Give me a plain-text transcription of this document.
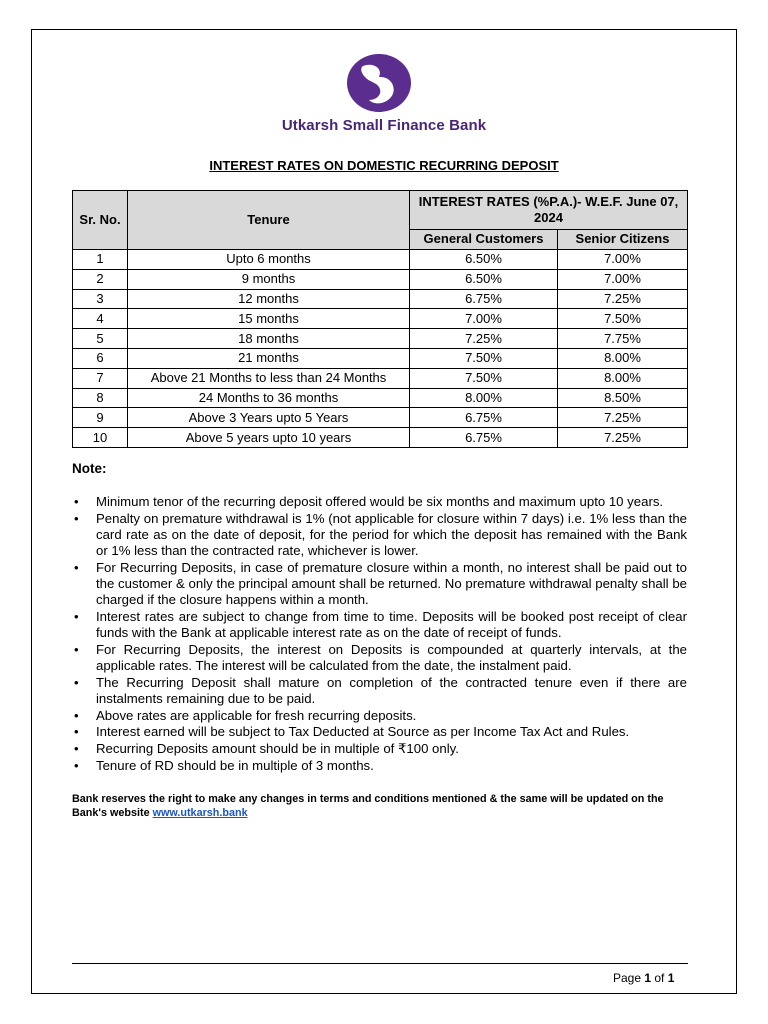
Utkarsh Small Finance Bank
INTEREST RATES ON DOMESTIC RECURRING DEPOSIT
Sr. No.	Tenure	INTEREST RATES (%P.A.)- W.E.F. June 07, 2024	
		General Customers	Senior Citizens
1	Upto 6 months	6.50%	7.00%
2	9 months	6.50%	7.00%
3	12 months	6.75%	7.25%
4	15 months	7.00%	7.50%
5	18 months	7.25%	7.75%
6	21 months	7.50%	8.00%
7	Above 21 Months to less than 24 Months	7.50%	8.00%
8	24 Months to 36 months	8.00%	8.50%
9	Above 3 Years upto 5 Years	6.75%	7.25%
10	Above 5 years upto 10 years	6.75%	7.25%
Note:
• Minimum tenor of the recurring deposit offered would be six months and maximum upto 10 years.
• Penalty on premature withdrawal is 1% (not applicable for closure within 7 days) i.e. 1% less than the card rate as on the date of deposit, for the period for which the deposit has remained with the Bank or 1% less than the contracted rate, whichever is lower.
• For Recurring Deposits, in case of premature closure within a month, no interest shall be paid out to the customer & only the principal amount shall be returned. No premature withdrawal penalty shall be charged if the closure happens within a month.
• Interest rates are subject to change from time to time. Deposits will be booked post receipt of clear funds with the Bank at applicable interest rate as on the date of receipt of funds.
• For Recurring Deposits, the interest on Deposits is compounded at quarterly intervals, at the applicable rates. The interest will be calculated from the date, the instalment paid.
• The Recurring Deposit shall mature on completion of the contracted tenure even if there are instalments remaining due to be paid.
• Above rates are applicable for fresh recurring deposits.
• Interest earned will be subject to Tax Deducted at Source as per Income Tax Act and Rules.
• Recurring Deposits amount should be in multiple of ₹100 only.
• Tenure of RD should be in multiple of 3 months.
Bank reserves the right to make any changes in terms and conditions mentioned & the same will be updated on the Bank's website www.utkarsh.bank
Page 1 of 1
